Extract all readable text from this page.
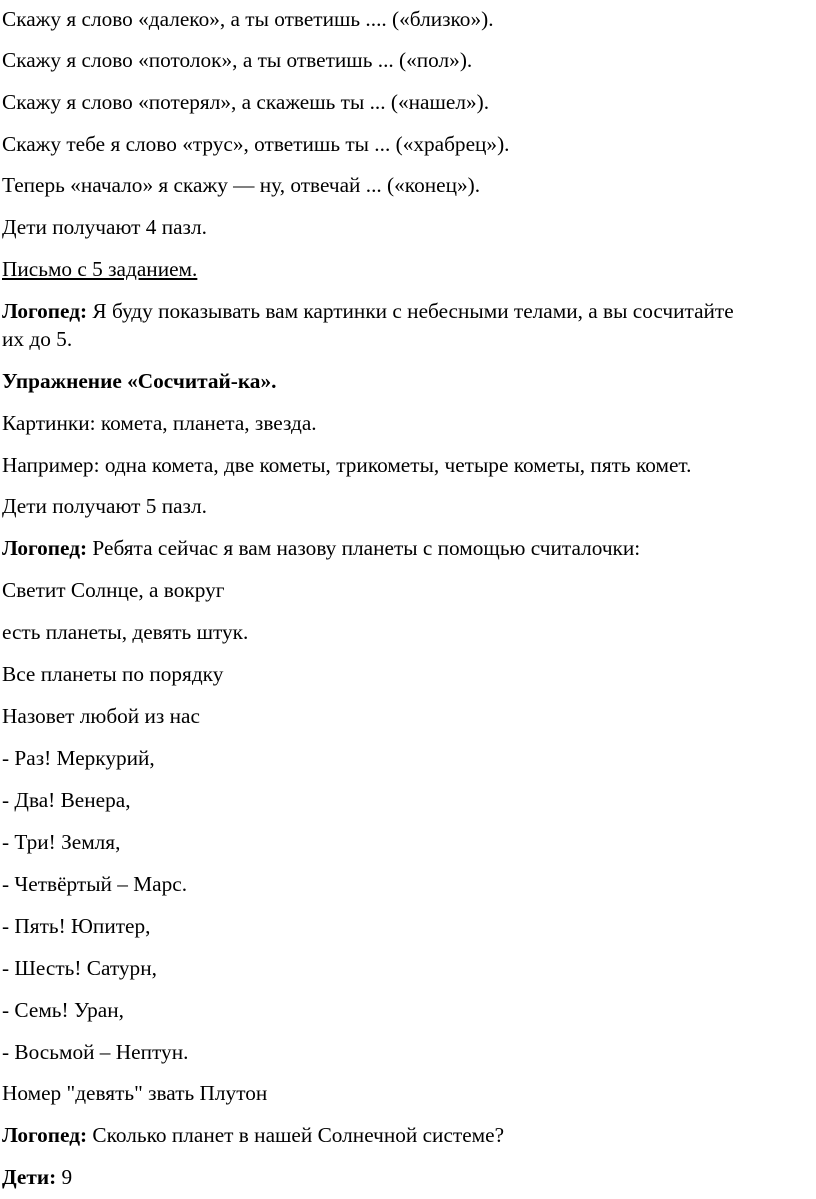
Скажу я слово «далеко», а ты ответишь .... («близко»).
Скажу я слово «потолок», а ты ответишь ... («пол»).
Скажу я слово «потерял», а скажешь ты ... («нашел»).
Скажу тебе я слово «трус», ответишь ты ... («храбрец»).
Теперь «начало» я скажу — ну, отвечай ... («конец»).
Дети получают 4 пазл.
Письмо с 5 заданием.
Логопед: Я буду показывать вам картинки с небесными телами, а вы сосчитайте
их до 5.
Упражнение «Сосчитай-ка».
Картинки: комета, планета, звезда.
Например: одна комета, две кометы, трикометы, четыре кометы, пять комет.
Дети получают 5 пазл.
Логопед: Ребята сейчас я вам назову планеты с помощью считалочки:
Светит Солнце, а вокруг
есть планеты, девять штук.
Все планеты по порядку
Назовет любой из нас
- Раз! Меркурий,
- Два! Венера,
- Три! Земля,
- Четвёртый – Марс.
- Пять! Юпитер,
- Шесть! Сатурн,
- Семь! Уран,
- Восьмой – Нептун.
Номер "девять" звать Плутон
Логопед: Сколько планет в нашей Солнечной системе?
Дети: 9
